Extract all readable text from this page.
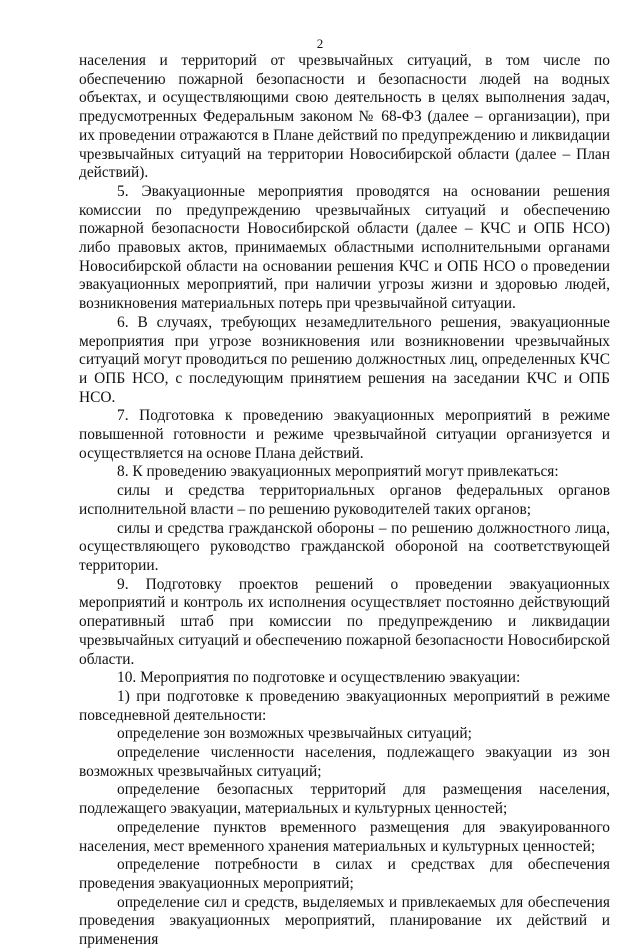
2

населения и территорий от чрезвычайных ситуаций, в том числе по обеспечению пожарной безопасности и безопасности людей на водных объектах, и осуществляющими свою деятельность в целях выполнения задач, предусмотренных Федеральным законом № 68-ФЗ (далее – организации), при их проведении отражаются в Плане действий по предупреждению и ликвидации чрезвычайных ситуаций на территории Новосибирской области (далее – План действий).

5. Эвакуационные мероприятия проводятся на основании решения комиссии по предупреждению чрезвычайных ситуаций и обеспечению пожарной безопасности Новосибирской области (далее – КЧС и ОПБ НСО) либо правовых актов, принимаемых областными исполнительными органами Новосибирской области на основании решения КЧС и ОПБ НСО о проведении эвакуационных мероприятий, при наличии угрозы жизни и здоровью людей, возникновения материальных потерь при чрезвычайной ситуации.

6. В случаях, требующих незамедлительного решения, эвакуационные мероприятия при угрозе возникновения или возникновении чрезвычайных ситуаций могут проводиться по решению должностных лиц, определенных КЧС и ОПБ НСО, с последующим принятием решения на заседании КЧС и ОПБ НСО.

7. Подготовка к проведению эвакуационных мероприятий в режиме повышенной готовности и режиме чрезвычайной ситуации организуется и осуществляется на основе Плана действий.

8. К проведению эвакуационных мероприятий могут привлекаться:

силы и средства территориальных органов федеральных органов исполнительной власти – по решению руководителей таких органов;

силы и средства гражданской обороны – по решению должностного лица, осуществляющего руководство гражданской обороной на соответствующей территории.

9. Подготовку проектов решений о проведении эвакуационных мероприятий и контроль их исполнения осуществляет постоянно действующий оперативный штаб при комиссии по предупреждению и ликвидации чрезвычайных ситуаций и обеспечению пожарной безопасности Новосибирской области.

10. Мероприятия по подготовке и осуществлению эвакуации:

1) при подготовке к проведению эвакуационных мероприятий в режиме повседневной деятельности:

определение зон возможных чрезвычайных ситуаций;

определение численности населения, подлежащего эвакуации из зон возможных чрезвычайных ситуаций;

определение безопасных территорий для размещения населения, подлежащего эвакуации, материальных и культурных ценностей;

определение пунктов временного размещения для эвакуированного населения, мест временного хранения материальных и культурных ценностей;

определение потребности в силах и средствах для обеспечения проведения эвакуационных мероприятий;

определение сил и средств, выделяемых и привлекаемых для обеспечения проведения эвакуационных мероприятий, планирование их действий и применения
